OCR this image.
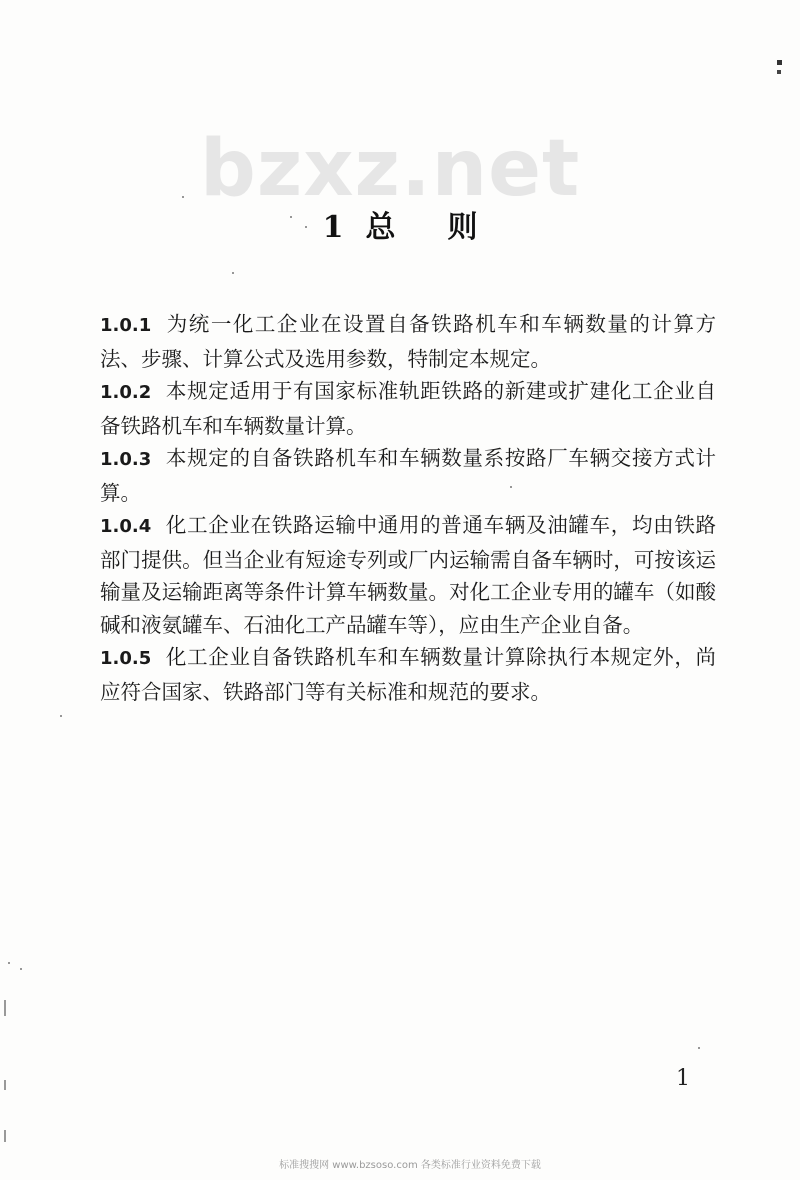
bzxz.net
1 总 则

1.0.1 为统一化工企业在设置自备铁路机车和车辆数量的计算方法、步骤、计算公式及选用参数，特制定本规定。

1.0.2 本规定适用于有国家标准轨距铁路的新建或扩建化工企业自备铁路机车和车辆数量计算。

1.0.3 本规定的自备铁路机车和车辆数量系按路厂车辆交接方式计算。

1.0.4 化工企业在铁路运输中通用的普通车辆及油罐车，均由铁路部门提供。但当企业有短途专列或厂内运输需自备车辆时，可按该运输量及运输距离等条件计算车辆数量。对化工企业专用的罐车（如酸碱和液氨罐车、石油化工产品罐车等），应由生产企业自备。

1.0.5 化工企业自备铁路机车和车辆数量计算除执行本规定外，尚应符合国家、铁路部门等有关标准和规范的要求。

1
标准搜搜网 www.bzsoso.com 各类标准行业资料免费下载
